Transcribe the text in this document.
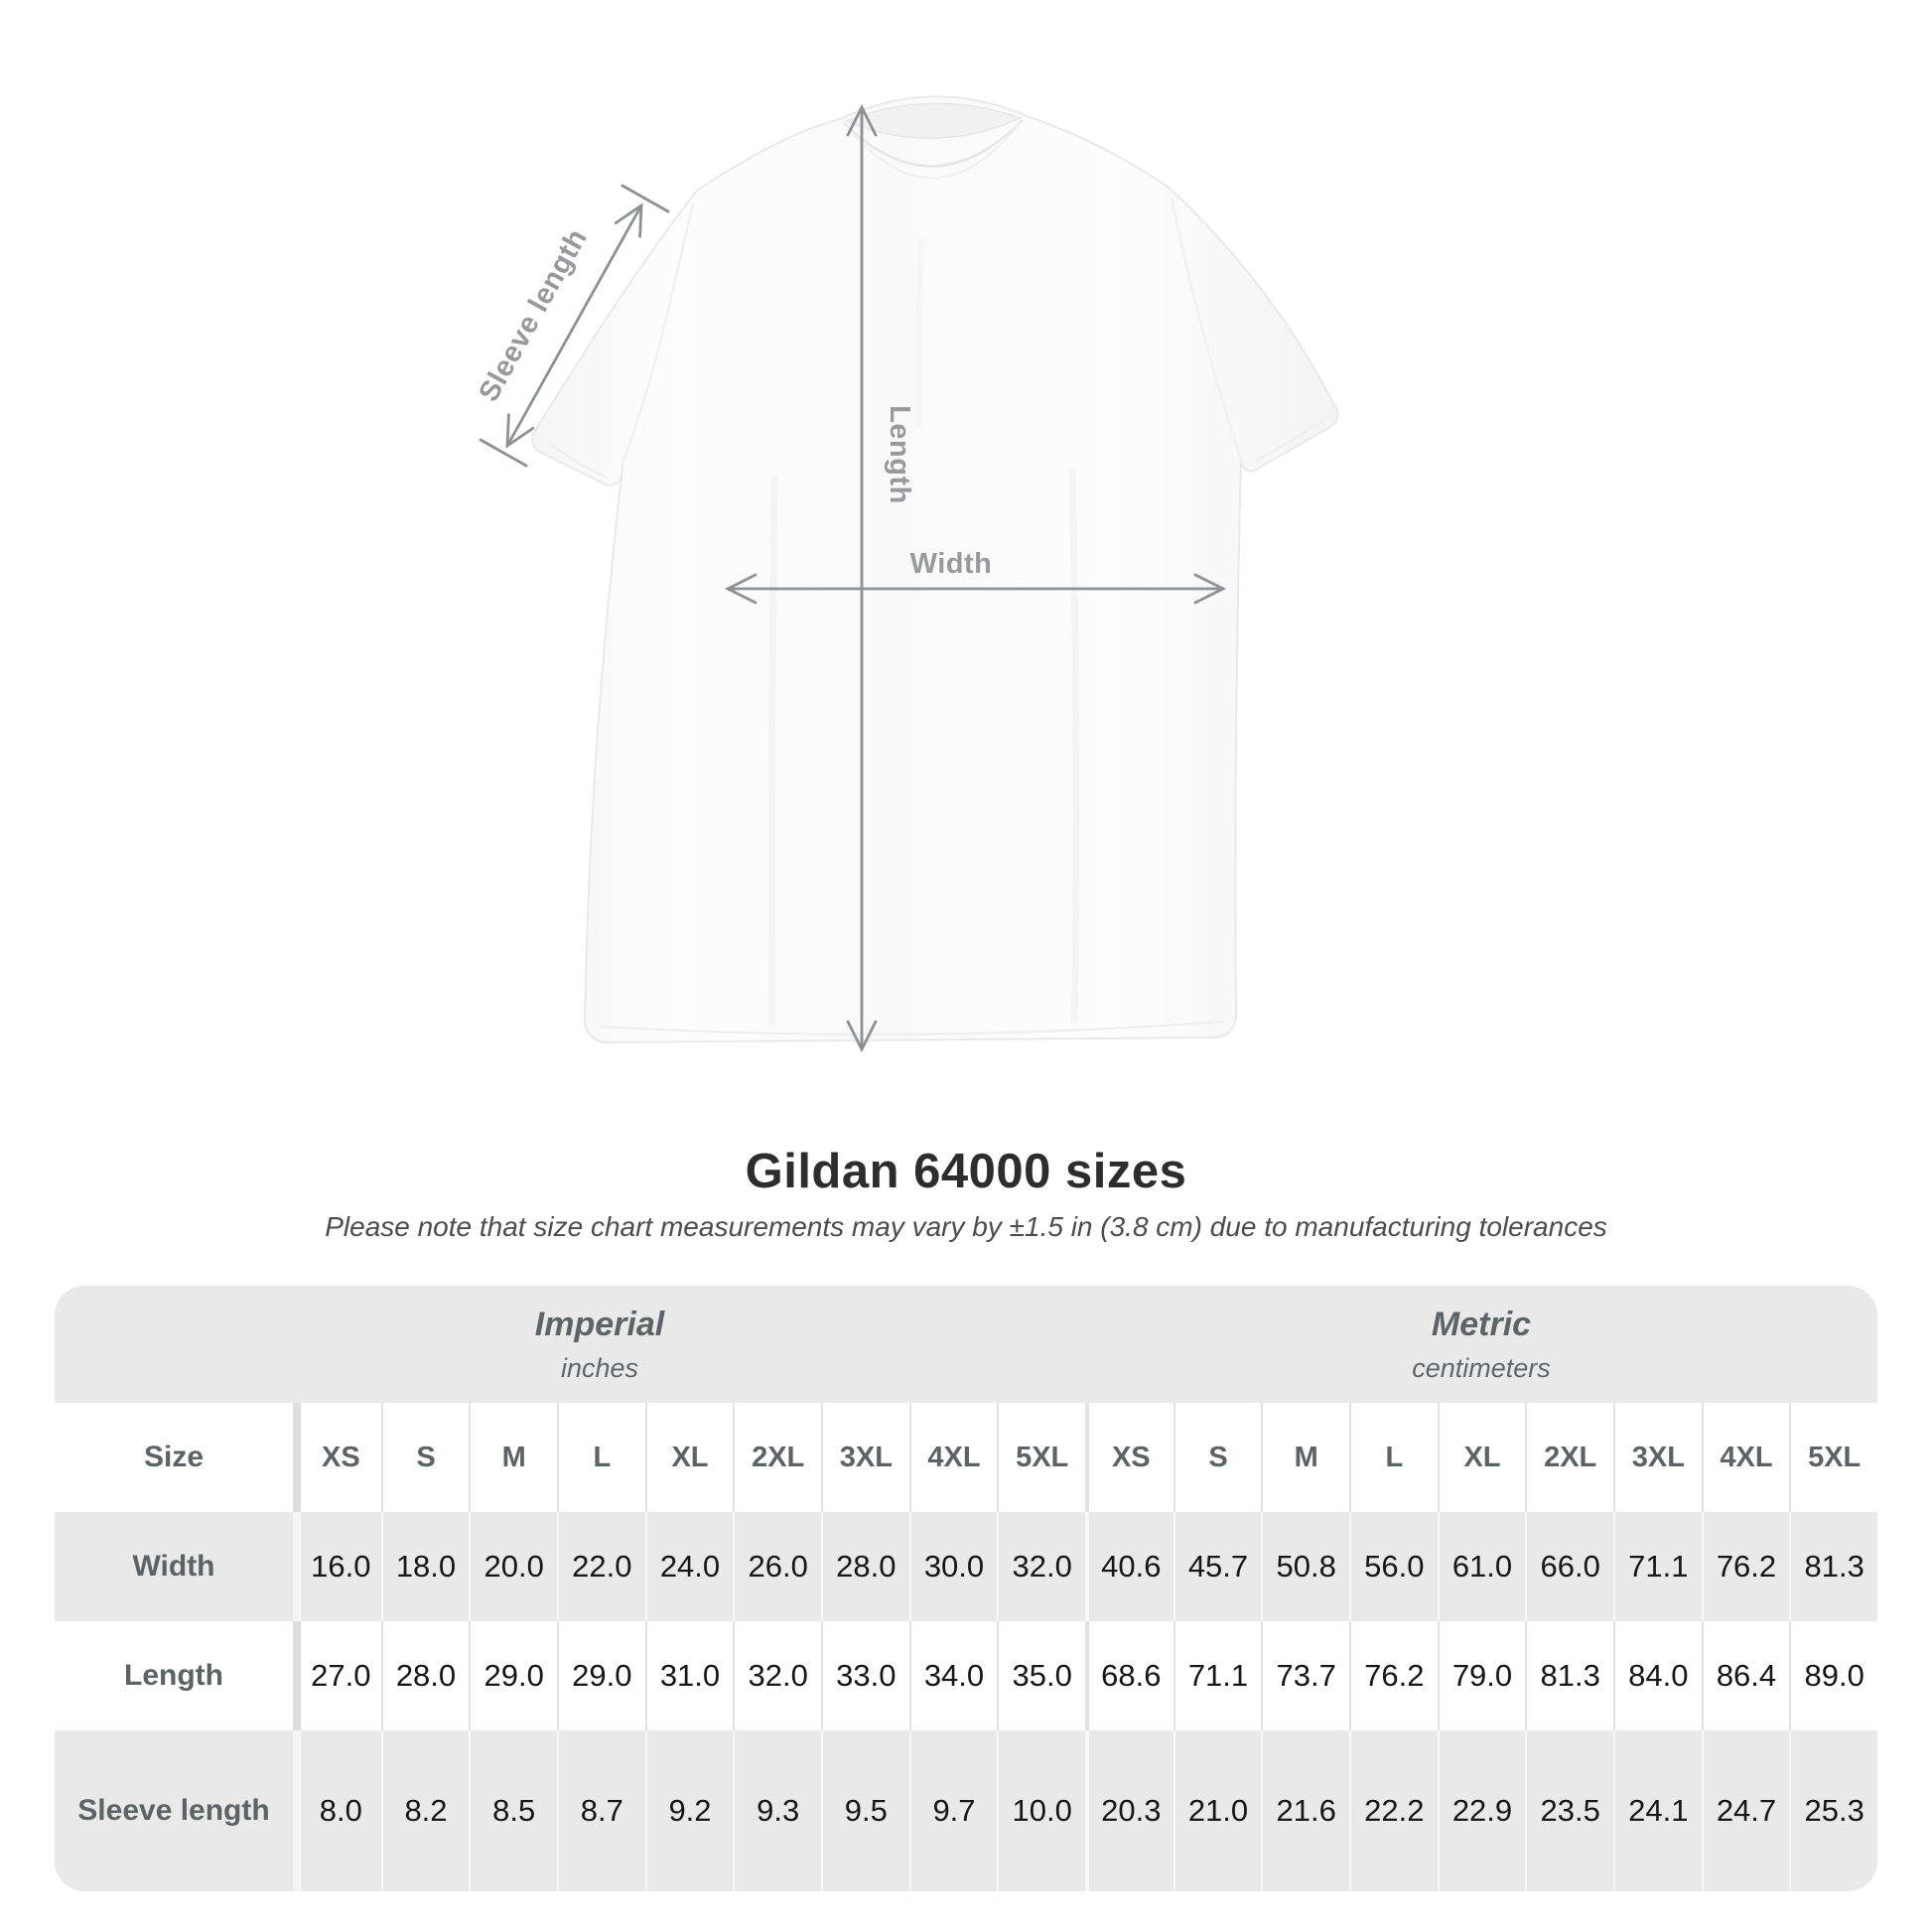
Sleeve length
Length
Width
Gildan 64000 sizes
Please note that size chart measurements may vary by ±1.5 in (3.8 cm) due to manufacturing tolerances
Imperial
inches
Metric
centimeters
Size	XS	S	M	L	XL	2XL	3XL	4XL	5XL	XS	S	M	L	XL	2XL	3XL	4XL	5XL
Width	16.0 18.0 20.0 22.0 24.0 26.0 28.0 30.0 32.0 40.6 45.7 50.8 56.0 61.0 66.0 71.1 76.2 81.3
Length	27.0 28.0 29.0 29.0 31.0 32.0 33.0 34.0 35.0 68.6 71.1 73.7 76.2 79.0 81.3 84.0 86.4 89.0
Sleeve length	8.0	8.2	8.5	8.7	9.2	9.3	9.5	9.7	10.0 20.3 21.0 21.6 22.2 22.9 23.5 24.1 24.7 25.3
